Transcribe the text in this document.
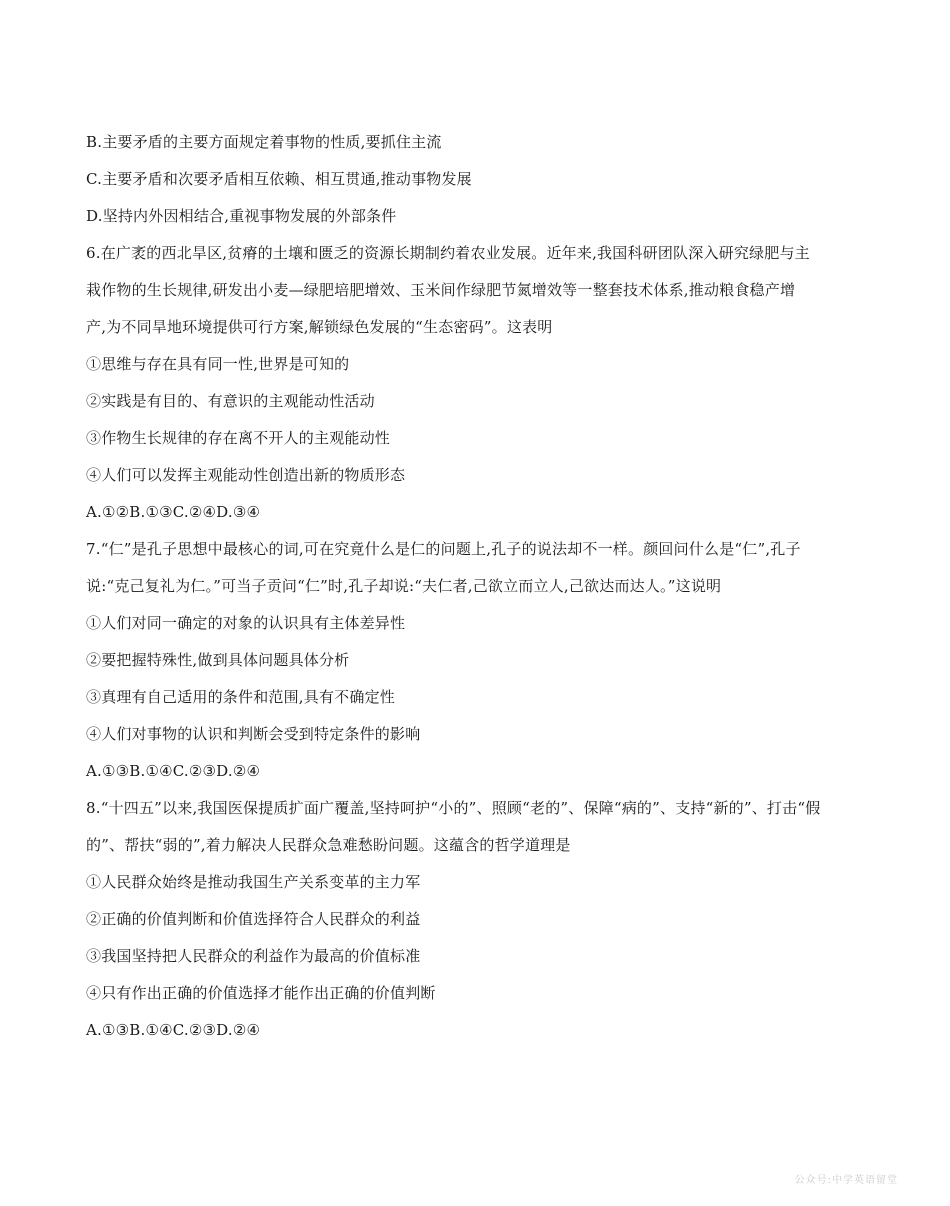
B.主要矛盾的主要方面规定着事物的性质,要抓住主流
C.主要矛盾和次要矛盾相互依赖、相互贯通,推动事物发展
D.坚持内外因相结合,重视事物发展的外部条件
6.在广袤的西北旱区,贫瘠的土壤和匮乏的资源长期制约着农业发展。近年来,我国科研团队深入研究绿肥与主
栽作物的生长规律,研发出小麦—绿肥培肥增效、玉米间作绿肥节氮增效等一整套技术体系,推动粮食稳产增
产,为不同旱地环境提供可行方案,解锁绿色发展的“生态密码”。这表明
①思维与存在具有同一性,世界是可知的
②实践是有目的、有意识的主观能动性活动
③作物生长规律的存在离不开人的主观能动性
④人们可以发挥主观能动性创造出新的物质形态
A.①②B.①③C.②④D.③④
7.“仁”是孔子思想中最核心的词,可在究竟什么是仁的问题上,孔子的说法却不一样。颜回问什么是“仁”,孔子
说:“克己复礼为仁。”可当子贡问“仁”时,孔子却说:“夫仁者,己欲立而立人,己欲达而达人。”这说明
①人们对同一确定的对象的认识具有主体差异性
②要把握特殊性,做到具体问题具体分析
③真理有自己适用的条件和范围,具有不确定性
④人们对事物的认识和判断会受到特定条件的影响
A.①③B.①④C.②③D.②④
8.“十四五”以来,我国医保提质扩面广覆盖,坚持呵护“小的”、照顾“老的”、保障“病的”、支持“新的”、打击“假
的”、帮扶“弱的”,着力解决人民群众急难愁盼问题。这蕴含的哲学道理是
①人民群众始终是推动我国生产关系变革的主力军
②正确的价值判断和价值选择符合人民群众的利益
③我国坚持把人民群众的利益作为最高的价值标准
④只有作出正确的价值选择才能作出正确的价值判断
A.①③B.①④C.②③D.②④
公众号:中学英语留堂
